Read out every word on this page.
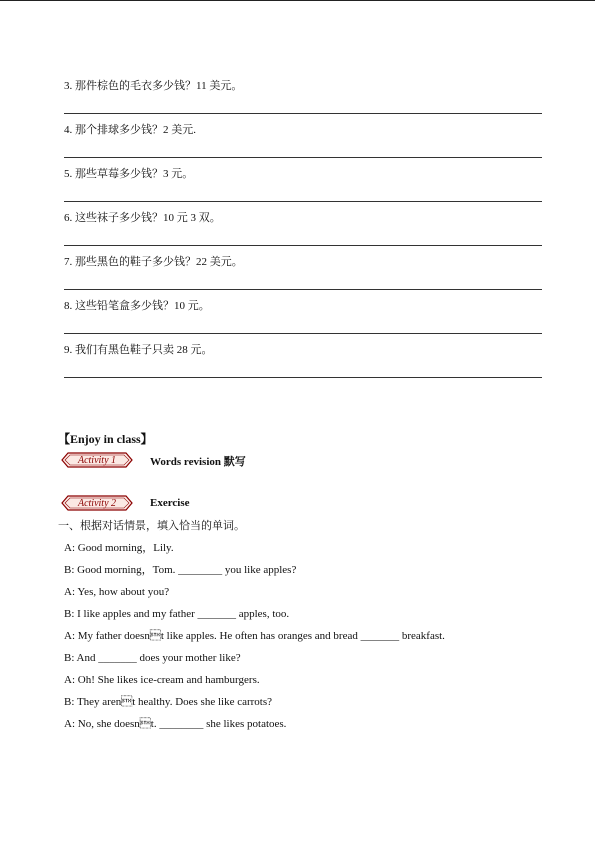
3. 那件棕色的毛衣多少钱？11 美元。
4. 那个排球多少钱？2 美元.
5. 那些草莓多少钱？3 元。
6. 这些袜子多少钱？10 元 3 双。
7. 那些黑色的鞋子多少钱？22 美元。
8. 这些铅笔盒多少钱？10 元。
9. 我们有黑色鞋子只卖 28 元。
【Enjoy in class】
Activity 1	Words revision 默写
Activity 2	Exercise
一、根据对话情景，填入恰当的单词。
A: Good morning，Lily.
B: Good morning，Tom. ________ you like apples?
A: Yes, how about you?
B: I like apples and my father _______ apples, too.
A: My father doesnt like apples. He often has oranges and bread _______ breakfast.
B: And _______ does your mother like?
A: Oh! She likes ice-cream and hamburgers.
B: They arent healthy. Does she like carrots?
A: No, she doesnt. ________ she likes potatoes.
